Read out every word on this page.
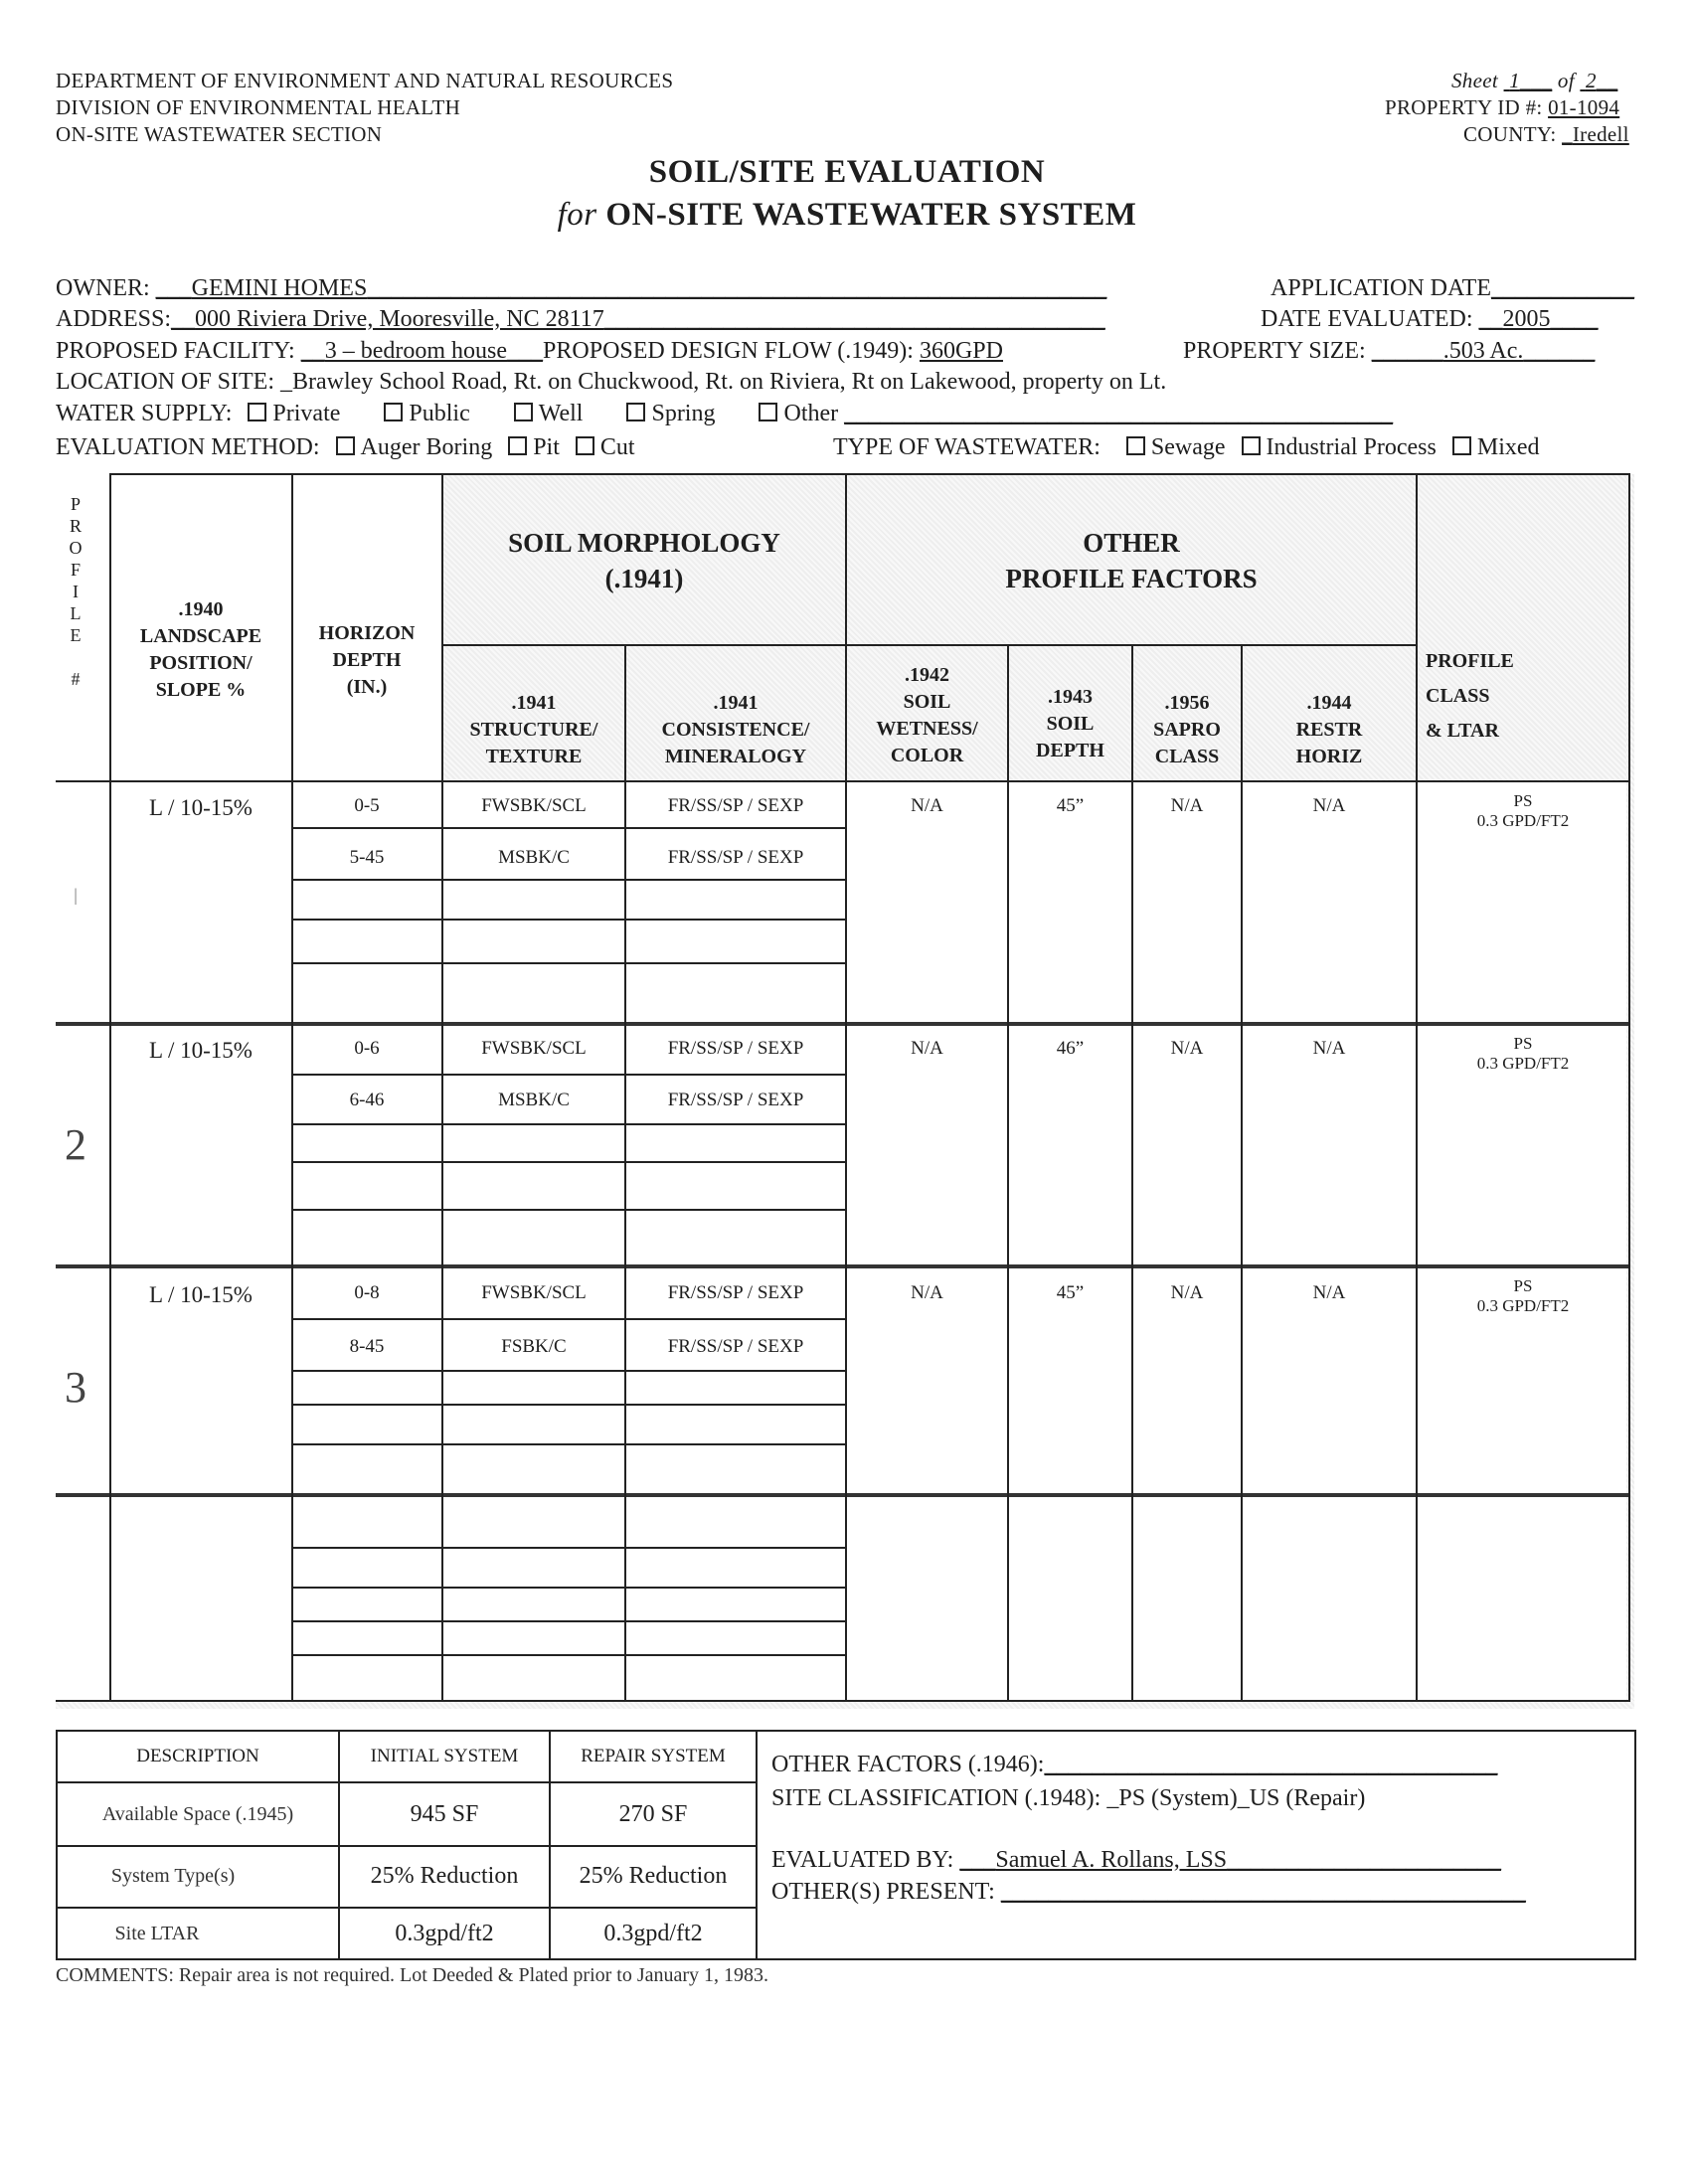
DEPARTMENT OF ENVIRONMENT AND NATURAL RESOURCES
DIVISION OF ENVIRONMENTAL HEALTH
ON-SITE WASTEWATER SECTION
Sheet 1___ of 2__
PROPERTY ID #: 01-1094
COUNTY: _Iredell
SOIL/SITE EVALUATION
for ON-SITE WASTEWATER SYSTEM
OWNER: ___GEMINI HOMES______________________________________________________________	APPLICATION DATE____________
ADDRESS:__000 Riviera Drive, Mooresville, NC 28117__________________________________________	DATE EVALUATED: __2005____
PROPOSED FACILITY: __3 – bedroom house___PROPOSED DESIGN FLOW (.1949): 360GPD	PROPERTY SIZE: ______.503 Ac.______
LOCATION OF SITE: _Brawley School Road, Rt. on Chuckwood, Rt. on Riviera, Rt on Lakewood, property on Lt.
WATER SUPPLY: Private	Public	Well	Spring	Other ______________________________________________
EVALUATION METHOD: Auger Boring Pit Cut	TYPE OF WASTEWATER: Sewage Industrial Process Mixed
P
R
O
F
I
L
E

#
.1940
LANDSCAPE
POSITION/
SLOPE %
HORIZON
DEPTH
(IN.)
SOIL MORPHOLOGY
(.1941)
OTHER
PROFILE FACTORS
.1941
STRUCTURE/
TEXTURE
.1941
CONSISTENCE/
MINERALOGY
.1942
SOIL
WETNESS/
COLOR
.1943
SOIL
DEPTH
.1956
SAPRO
CLASS
.1944
RESTR
HORIZ
PROFILE
CLASS
& LTAR
|
L / 10-15%	0-5	FWSBK/SCL	FR/SS/SP / SEXP
5-45	MSBK/C	FR/SS/SP / SEXP
N/A	45”	N/A	N/A	PS
0.3 GPD/FT2
2
L / 10-15%	0-6	FWSBK/SCL	FR/SS/SP / SEXP
6-46	MSBK/C	FR/SS/SP / SEXP
N/A	46”	N/A	N/A	PS
0.3 GPD/FT2
3
L / 10-15%	0-8	FWSBK/SCL	FR/SS/SP / SEXP
8-45	FSBK/C	FR/SS/SP / SEXP
N/A	45”	N/A	N/A	PS
0.3 GPD/FT2
DESCRIPTION	INITIAL SYSTEM	REPAIR SYSTEM
Available Space (.1945)	945 SF	270 SF
System Type(s)	25% Reduction	25% Reduction
Site LTAR	0.3gpd/ft2	0.3gpd/ft2
OTHER FACTORS (.1946):______________________________________
SITE CLASSIFICATION (.1948): _PS (System)_US (Repair)
EVALUATED BY: ___Samuel A. Rollans, LSS_______________________
OTHER(S) PRESENT: ____________________________________________
COMMENTS: Repair area is not required. Lot Deeded & Plated prior to January 1, 1983.
